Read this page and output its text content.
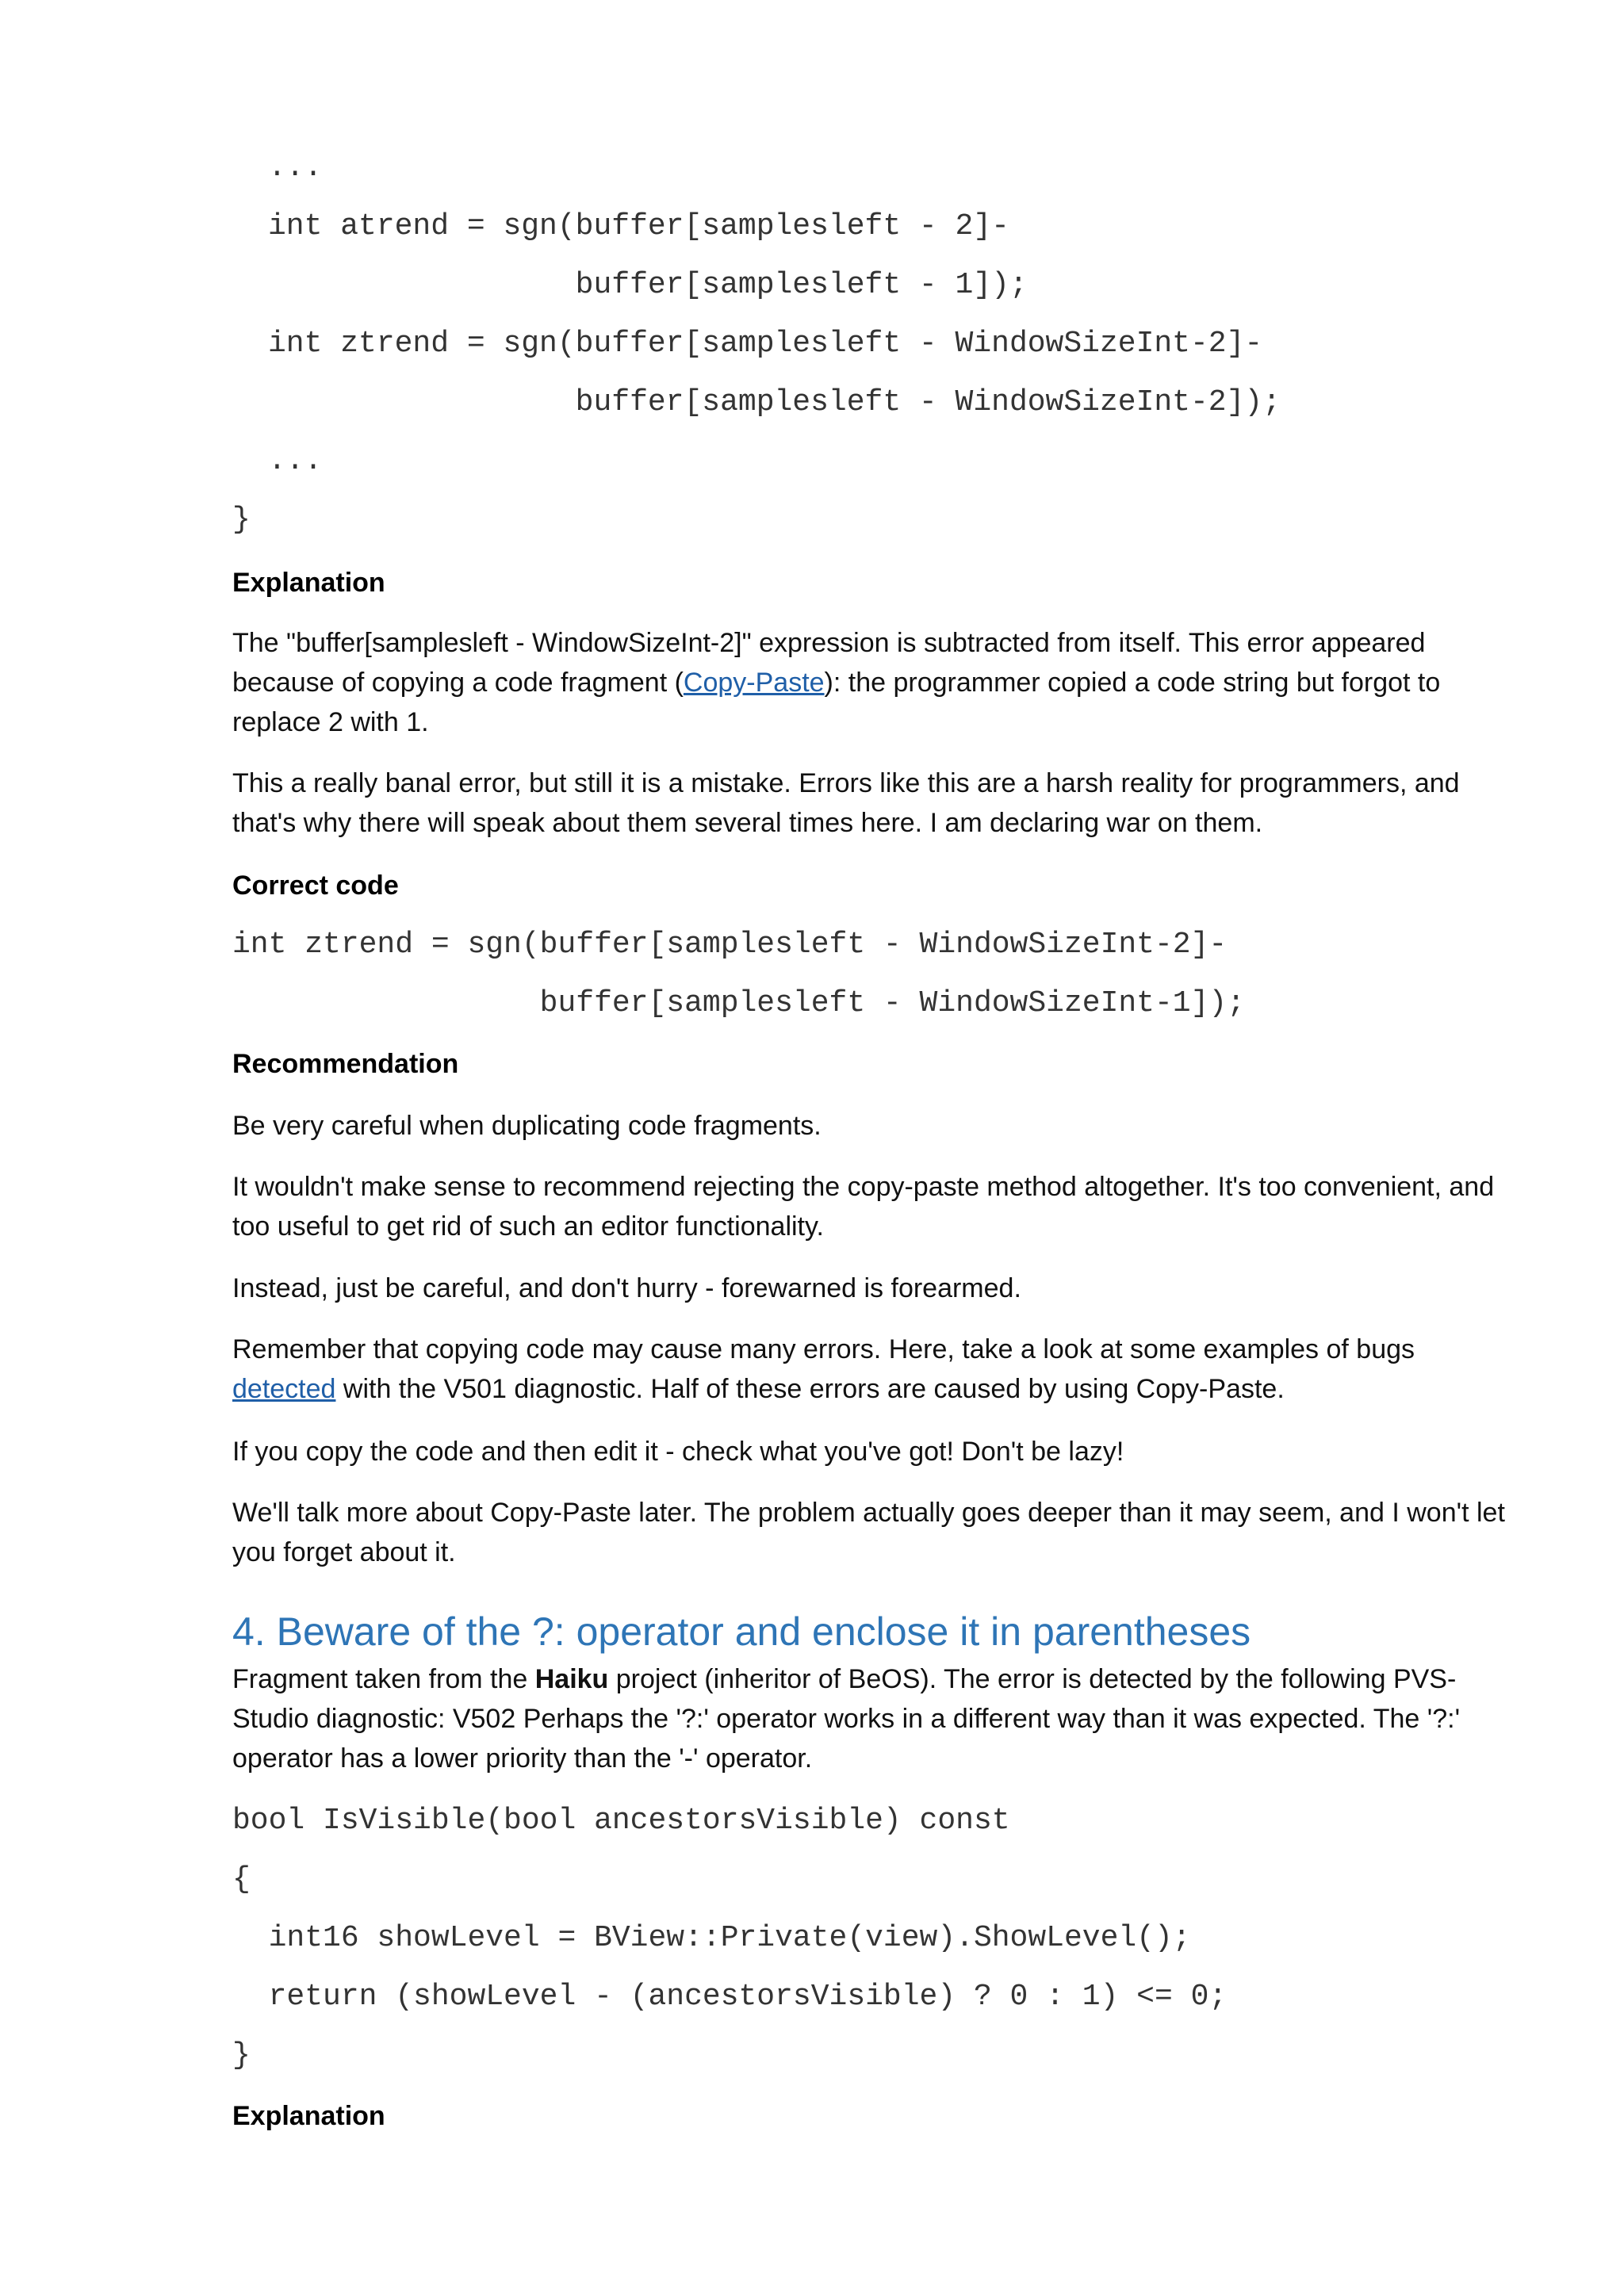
...
int atrend = sgn(buffer[samplesleft - 2]-
buffer[samplesleft - 1]);
int ztrend = sgn(buffer[samplesleft - WindowSizeInt-2]-
buffer[samplesleft - WindowSizeInt-2]);
...
}
Explanation
The "buffer[samplesleft - WindowSizeInt-2]" expression is subtracted from itself. This error appeared because of copying a code fragment (Copy-Paste): the programmer copied a code string but forgot to replace 2 with 1.
This a really banal error, but still it is a mistake. Errors like this are a harsh reality for programmers, and that's why there will speak about them several times here. I am declaring war on them.
Correct code
int ztrend = sgn(buffer[samplesleft - WindowSizeInt-2]-
buffer[samplesleft - WindowSizeInt-1]);
Recommendation
Be very careful when duplicating code fragments.
It wouldn't make sense to recommend rejecting the copy-paste method altogether. It's too convenient, and too useful to get rid of such an editor functionality.
Instead, just be careful, and don't hurry - forewarned is forearmed.
Remember that copying code may cause many errors. Here, take a look at some examples of bugs detected with the V501 diagnostic. Half of these errors are caused by using Copy-Paste.
If you copy the code and then edit it - check what you've got! Don't be lazy!
We'll talk more about Copy-Paste later. The problem actually goes deeper than it may seem, and I won't let you forget about it.
4. Beware of the ?: operator and enclose it in parentheses
Fragment taken from the Haiku project (inheritor of BeOS). The error is detected by the following PVS-Studio diagnostic: V502 Perhaps the '?:' operator works in a different way than it was expected. The '?:' operator has a lower priority than the '-' operator.
bool IsVisible(bool ancestorsVisible) const
{
int16 showLevel = BView::Private(view).ShowLevel();
return (showLevel - (ancestorsVisible) ? 0 : 1) <= 0;
}
Explanation
